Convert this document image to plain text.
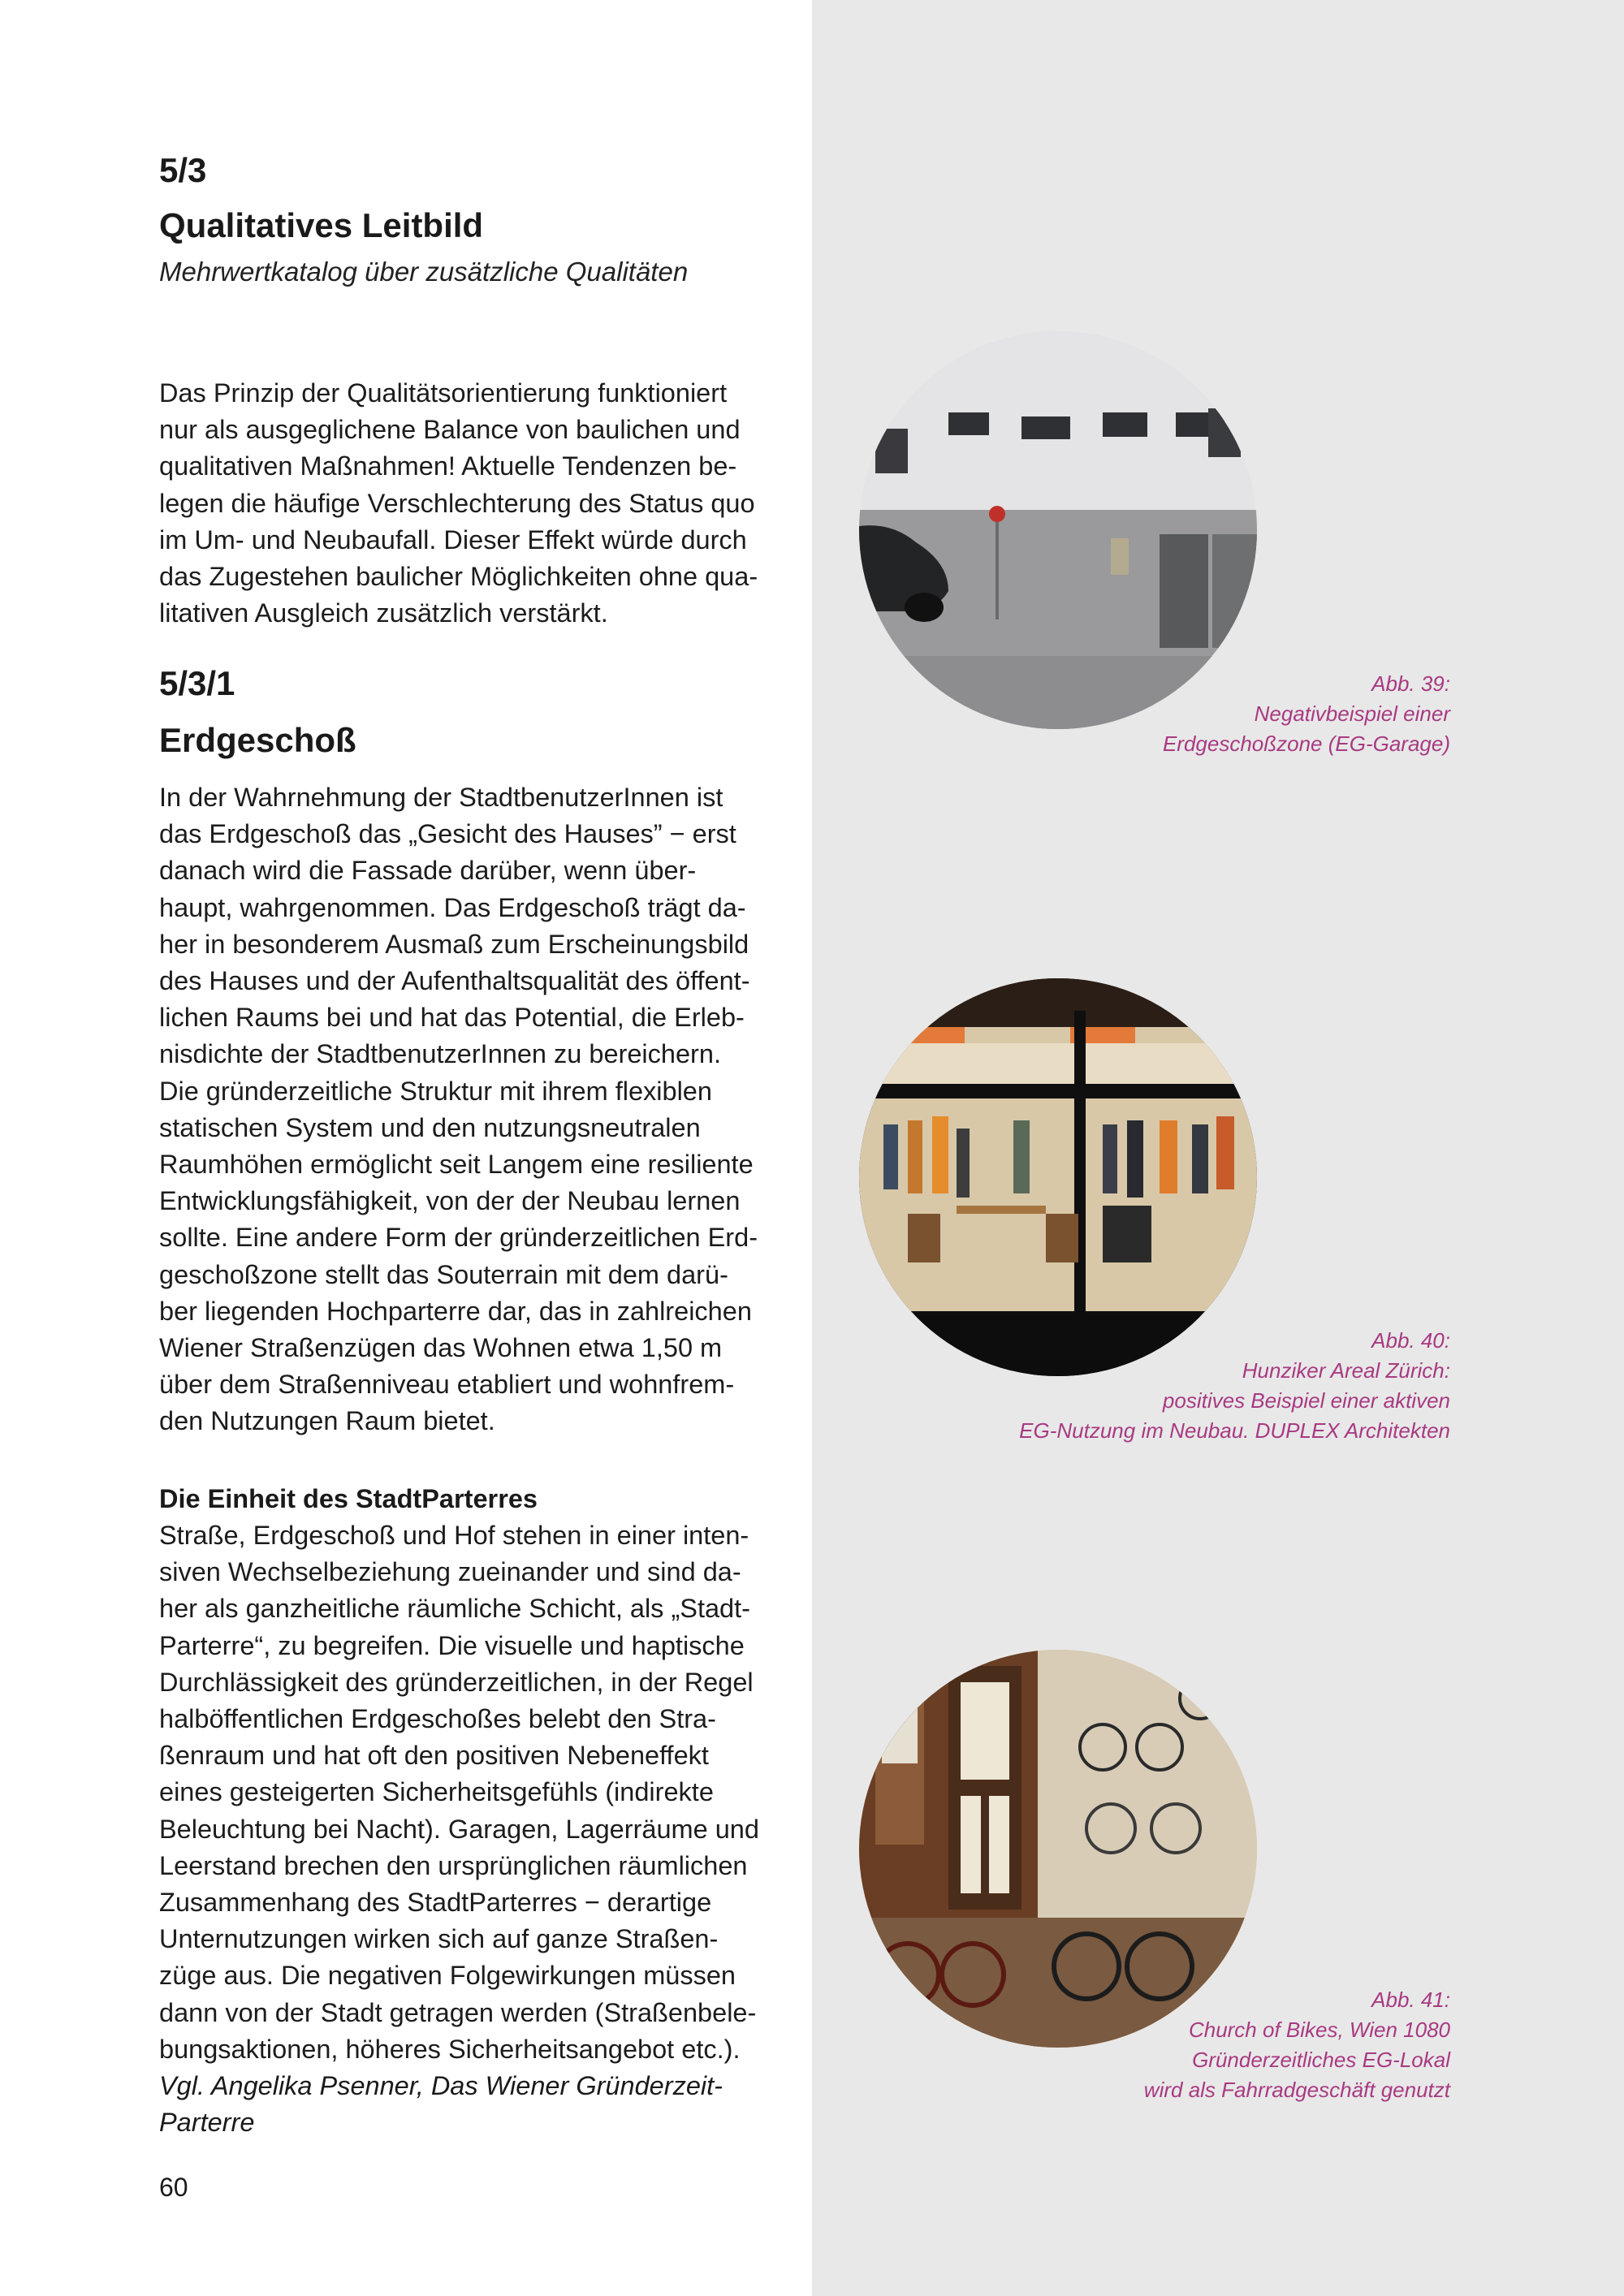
5/3

Qualitatives Leitbild

Mehrwertkatalog über zusätzliche Qualitäten

Das Prinzip der Qualitätsorientierung funktioniert
nur als ausgeglichene Balance von baulichen und
qualitativen Maßnahmen! Aktuelle Tendenzen be-
legen die häufige Verschlechterung des Status quo
im Um- und Neubaufall. Dieser Effekt würde durch
das Zugestehen baulicher Möglichkeiten ohne qua-
litativen Ausgleich zusätzlich verstärkt.

5/3/1

Erdgeschoß

In der Wahrnehmung der StadtbenutzerInnen ist
das Erdgeschoß das „Gesicht des Hauses” − erst
danach wird die Fassade darüber, wenn über-
haupt, wahrgenommen. Das Erdgeschoß trägt da-
her in besonderem Ausmaß zum Erscheinungsbild
des Hauses und der Aufenthaltsqualität des öffent-
lichen Raums bei und hat das Potential, die Erleb-
nisdichte der StadtbenutzerInnen zu bereichern.
Die gründerzeitliche Struktur mit ihrem flexiblen
statischen System und den nutzungsneutralen
Raumhöhen ermöglicht seit Langem eine resiliente
Entwicklungsfähigkeit, von der der Neubau lernen
sollte. Eine andere Form der gründerzeitlichen Erd-
geschoßzone stellt das Souterrain mit dem darü-
ber liegenden Hochparterre dar, das in zahlreichen
Wiener Straßenzügen das Wohnen etwa 1,50 m
über dem Straßenniveau etabliert und wohnfrem-
den Nutzungen Raum bietet.
Die Einheit des StadtParterres
Straße, Erdgeschoß und Hof stehen in einer inten-
siven Wechselbeziehung zueinander und sind da-
her als ganzheitliche räumliche Schicht, als „Stadt-
Parterre“, zu begreifen. Die visuelle und haptische
Durchlässigkeit des gründerzeitlichen, in der Regel
halböffentlichen Erdgeschoßes belebt den Stra-
ßenraum und hat oft den positiven Nebeneffekt
eines gesteigerten Sicherheitsgefühls (indirekte
Beleuchtung bei Nacht). Garagen, Lagerräume und
Leerstand brechen den ursprünglichen räumlichen
Zusammenhang des StadtParterres − derartige
Unternutzungen wirken sich auf ganze Straßen-
züge aus. Die negativen Folgewirkungen müssen
dann von der Stadt getragen werden (Straßenbele-
bungsaktionen, höheres Sicherheitsangebot etc.).
Vgl. Angelika Psenner, Das Wiener Gründerzeit-
Parterre
60
Abb. 39:
Negativbeispiel einer
Erdgeschoßzone (EG-Garage)
Abb. 40:
Hunziker Areal Zürich:
positives Beispiel einer aktiven
EG-Nutzung im Neubau. DUPLEX Architekten
Abb. 41:
Church of Bikes, Wien 1080
Gründerzeitliches EG-Lokal
wird als Fahrradgeschäft genutzt
